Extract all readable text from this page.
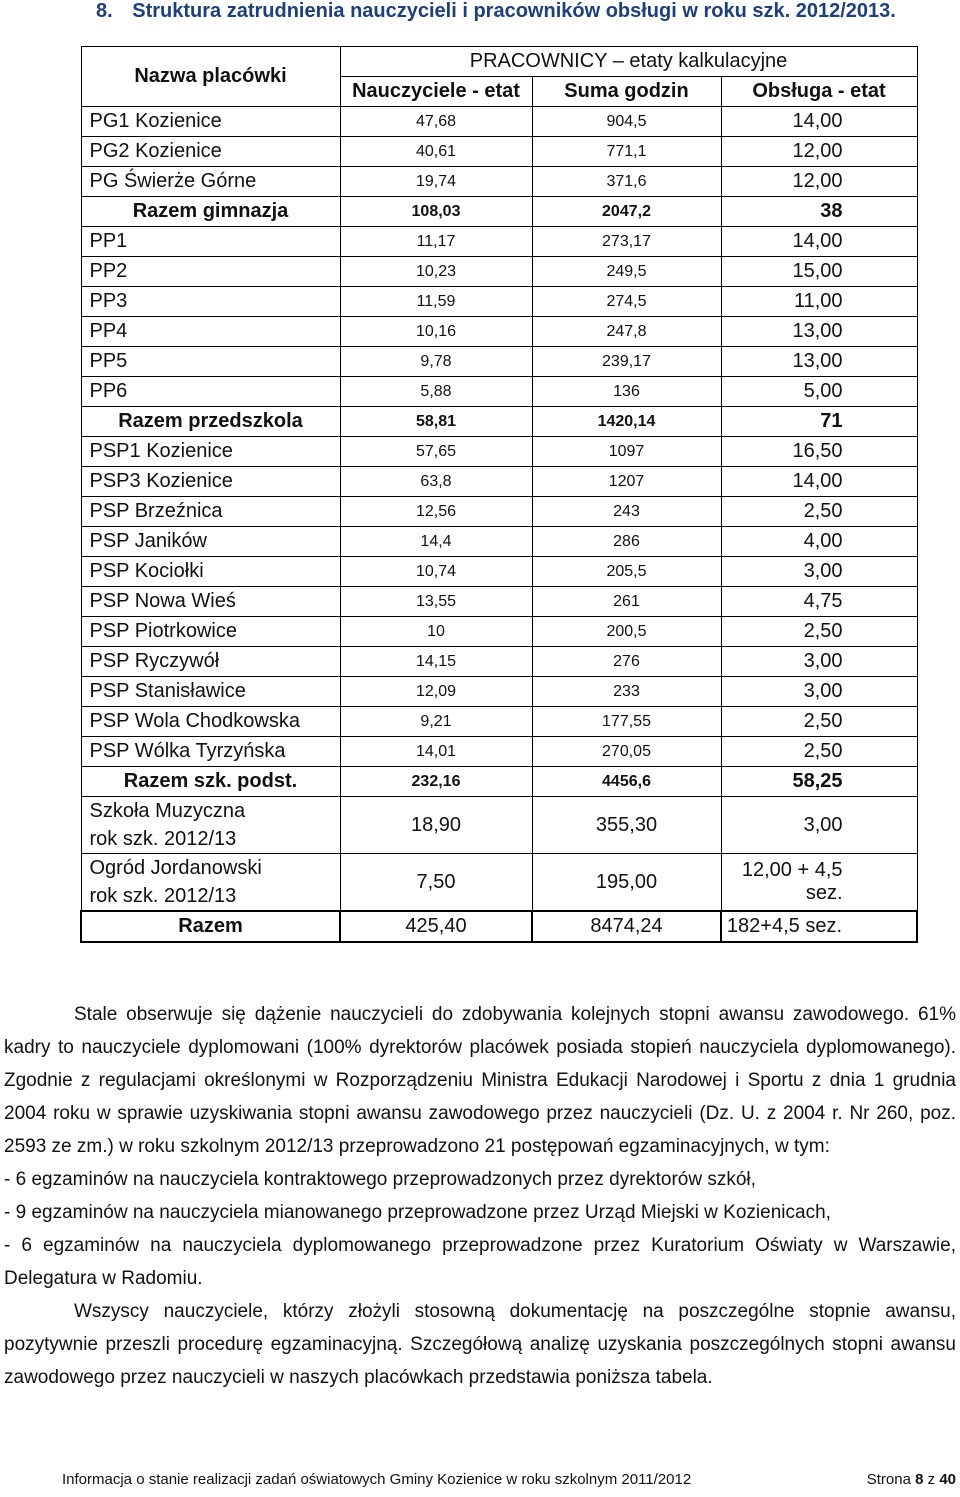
8. Struktura zatrudnienia nauczycieli i pracowników obsługi w roku szk. 2012/2013.
Nazwa placówki	PRACOWNICY – etaty kalkulacyjne		
	Nauczyciele - etat	Suma godzin	Obsługa - etat
PG1 Kozienice	47,68	904,5	14,00
PG2 Kozienice	40,61	771,1	12,00
PG Świerże Górne	19,74	371,6	12,00
Razem gimnazja	108,03	2047,2	38
PP1	11,17	273,17	14,00
PP2	10,23	249,5	15,00
PP3	11,59	274,5	11,00
PP4	10,16	247,8	13,00
PP5	9,78	239,17	13,00
PP6	5,88	136	5,00
Razem przedszkola	58,81	1420,14	71
PSP1 Kozienice	57,65	1097	16,50
PSP3 Kozienice	63,8	1207	14,00
PSP Brzeźnica	12,56	243	2,50
PSP Janików	14,4	286	4,00
PSP Kociołki	10,74	205,5	3,00
PSP Nowa Wieś	13,55	261	4,75
PSP Piotrkowice	10	200,5	2,50
PSP Ryczywół	14,15	276	3,00
PSP Stanisławice	12,09	233	3,00
PSP Wola Chodkowska	9,21	177,55	2,50
PSP Wólka Tyrzyńska	14,01	270,05	2,50
Razem szk. podst.	232,16	4456,6	58,25

Szkoła Muzyczna
rok szk. 2012/13	18,90	355,30	3,00

Ogród Jordanowski
rok szk. 2012/13	7,50	195,00	12,00 + 4,5 sez.
Razem	425,40	8474,24	182+4,5 sez.

Stale obserwuje się dążenie nauczycieli do zdobywania kolejnych stopni awansu zawodowego. 61% kadry to nauczyciele dyplomowani (100% dyrektorów placówek posiada stopień nauczyciela dyplomowanego). Zgodnie z regulacjami określonymi w Rozporządzeniu Ministra Edukacji Narodowej i Sportu z dnia 1 grudnia 2004 roku w sprawie uzyskiwania stopni awansu zawodowego przez nauczycieli (Dz. U. z 2004 r. Nr 260, poz. 2593 ze zm.) w roku szkolnym 2012/13 przeprowadzono 21 postępowań egzaminacyjnych, w tym:

- 6 egzaminów na nauczyciela kontraktowego przeprowadzonych przez dyrektorów szkół,

- 9 egzaminów na nauczyciela mianowanego przeprowadzone przez Urząd Miejski w Kozienicach,

- 6 egzaminów na nauczyciela dyplomowanego przeprowadzone przez Kuratorium Oświaty w Warszawie, Delegatura w Radomiu.

Wszyscy nauczyciele, którzy złożyli stosowną dokumentację na poszczególne stopnie awansu, pozytywnie przeszli procedurę egzaminacyjną. Szczegółową analizę uzyskania poszczególnych stopni awansu zawodowego przez nauczycieli w naszych placówkach przedstawia poniższa tabela.

Informacja o stanie realizacji zadań oświatowych Gminy Kozienice w roku szkolnym 2011/2012	Strona 8 z 40
